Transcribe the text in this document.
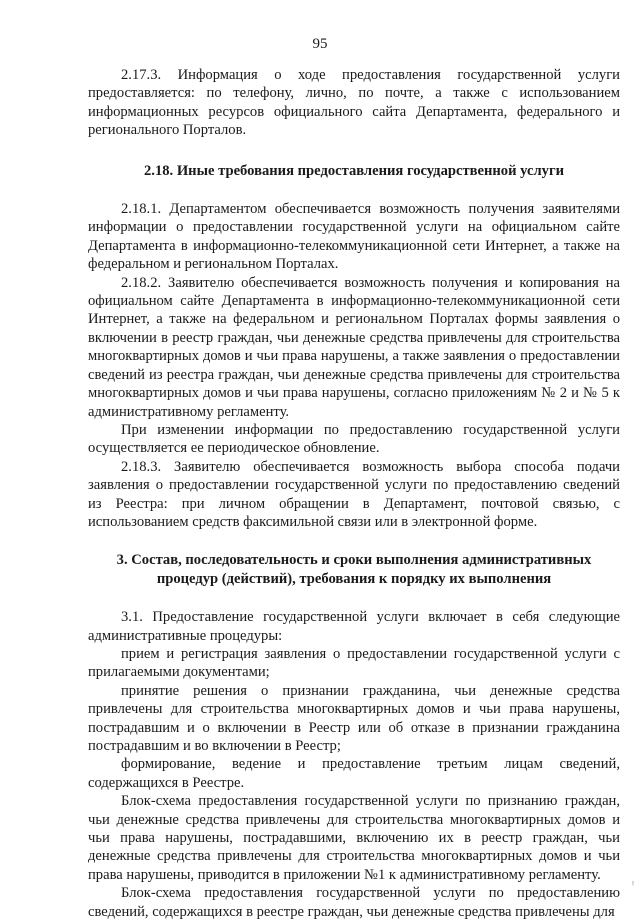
95

2.17.3. Информация о ходе предоставления государственной услуги предоставляется: по телефону, лично, по почте, а также с использованием информационных ресурсов официального сайта Департамента, федерального и регионального Порталов.

2.18. Иные требования предоставления государственной услуги

2.18.1. Департаментом обеспечивается возможность получения заявителями информации о предоставлении государственной услуги на официальном сайте Департамента в информационно-телекоммуникационной сети Интернет, а также на федеральном и региональном Порталах.

2.18.2. Заявителю обеспечивается возможность получения и копирования на официальном сайте Департамента в информационно-телекоммуникационной сети Интернет, а также на федеральном и региональном Порталах формы заявления о включении в реестр граждан, чьи денежные средства привлечены для строительства многоквартирных домов и чьи права нарушены, а также заявления о предоставлении сведений из реестра граждан, чьи денежные средства привлечены для строительства многоквартирных домов и чьи права нарушены, согласно приложениям № 2 и № 5 к административному регламенту.

При изменении информации по предоставлению государственной услуги осуществляется ее периодическое обновление.

2.18.3. Заявителю обеспечивается возможность выбора способа подачи заявления о предоставлении государственной услуги по предоставлению сведений из Реестра: при личном обращении в Департамент, почтовой связью, с использованием средств факсимильной связи или в электронной форме.

3. Состав, последовательность и сроки выполнения административных процедур (действий), требования к порядку их выполнения

3.1. Предоставление государственной услуги включает в себя следующие административные процедуры:

прием и регистрация заявления о предоставлении государственной услуги с прилагаемыми документами;

принятие решения о признании гражданина, чьи денежные средства привлечены для строительства многоквартирных домов и чьи права нарушены, пострадавшим и о включении в Реестр или об отказе в признании гражданина пострадавшим и во включении в Реестр;

формирование, ведение и предоставление третьим лицам сведений, содержащихся в Реестре.

Блок-схема предоставления государственной услуги по признанию граждан, чьи денежные средства привлечены для строительства многоквартирных домов и чьи права нарушены, пострадавшими, включению их в реестр граждан, чьи денежные средства привлечены для строительства многоквартирных домов и чьи права нарушены, приводится в приложении №1 к административному регламенту.

Блок-схема предоставления государственной услуги по предоставлению сведений, содержащихся в реестре граждан, чьи денежные средства привлечены для

ᵎ
